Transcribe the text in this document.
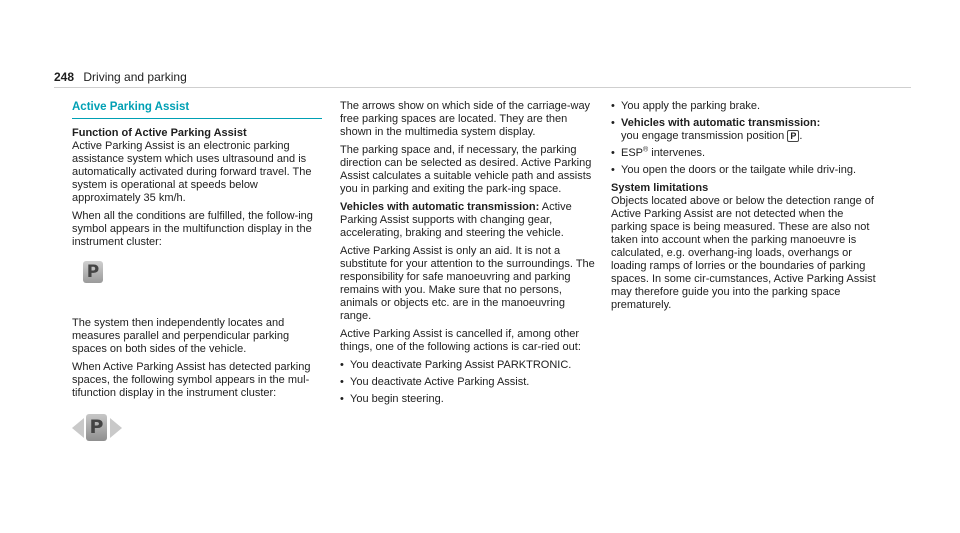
248 Driving and parking
Active Parking Assist

Function of Active Parking Assist

Active Parking Assist is an electronic parking assistance system which uses ultrasound and is automatically activated during forward travel. The system is operational at speeds below approximately 35 km/h.

When all the conditions are fulfilled, the follow-ing symbol appears in the multifunction display in the instrument cluster:

P

The system then independently locates and measures parallel and perpendicular parking spaces on both sides of the vehicle.

When Active Parking Assist has detected parking spaces, the following symbol appears in the mul-tifunction display in the instrument cluster:

P

The arrows show on which side of the carriage-way free parking spaces are located. They are then shown in the multimedia system display.

The parking space and, if necessary, the parking direction can be selected as desired. Active Parking Assist calculates a suitable vehicle path and assists you in parking and exiting the park-ing space.

Vehicles with automatic transmission: Active Parking Assist supports with changing gear, accelerating, braking and steering the vehicle.

Active Parking Assist is only an aid. It is not a substitute for your attention to the surroundings. The responsibility for safe manoeuvring and parking remains with you. Make sure that no persons, animals or objects etc. are in the manoeuvring range.

Active Parking Assist is cancelled if, among other things, one of the following actions is car-ried out:

• You deactivate Parking Assist PARKTRONIC.
• You deactivate Active Parking Assist.
• You begin steering.
• You apply the parking brake.
• Vehicles with automatic transmission:
you engage transmission position P .
• ESP® intervenes.
• You open the doors or the tailgate while driv-ing.

System limitations

Objects located above or below the detection range of Active Parking Assist are not detected when the parking space is being measured. These are also not taken into account when the parking manoeuvre is calculated, e.g. overhang-ing loads, overhangs or loading ramps of lorries or the boundaries of parking spaces. In some cir-cumstances, Active Parking Assist may therefore guide you into the parking space prematurely.
